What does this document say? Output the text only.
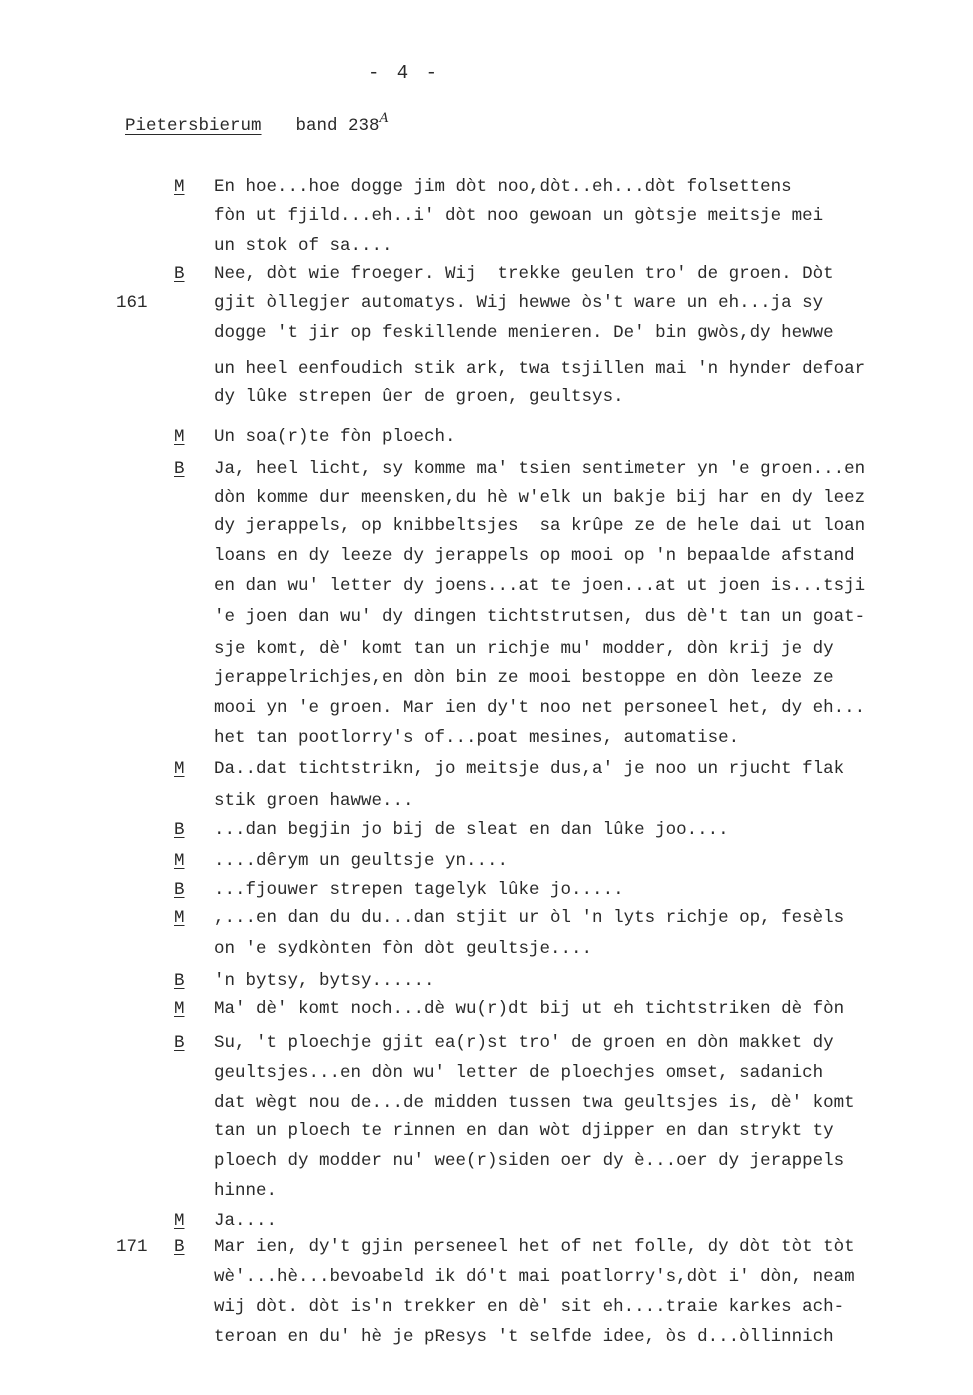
- 4 -
Pietersbierum band $238^A$
M	En hoe...hoe dogge jim dòt noo,dòt..eh...dòt folsettens
fòn ut fjild...eh..i' dòt noo gewoan un gòtsje meitsje mei
un stok of sa....
B	Nee, dòt wie froeger. Wij  trekke geulen tro' de groen. Dòt
161	gjit òllegjer automatys. Wij hewwe òs't ware un eh...ja sy
dogge 't jir op feskillende menieren. De' bin gwòs,dy hewwe
un heel eenfoudich stik ark, twa tsjillen mai 'n hynder defoar
dy lûke strepen ûer de groen, geultsys.
M	Un soa(r)te fòn ploech.
B	Ja, heel licht, sy komme ma' tsien sentimeter yn 'e groen...en
dòn komme dur meensken,du hè w'elk un bakje bij har en dy leez
dy jerappels, op knibbeltsjes  sa krûpe ze de hele dai ut loan
loans en dy leeze dy jerappels op mooi op 'n bepaalde afstand
en dan wu' letter dy joens...at te joen...at ut joen is...tsji
'e joen dan wu' dy dingen tichtstrutsen, dus dè't tan un goat-
sje komt, dè' komt tan un richje mu' modder, dòn krij je dy
jerappelrichjes,en dòn bin ze mooi bestoppe en dòn leeze ze
mooi yn 'e groen. Mar ien dy't noo net personeel het, dy eh...
het tan pootlorry's of...poat mesines, automatise.
M	Da..dat tichtstrikn, jo meitsje dus,a' je noo un rjucht flak
stik groen hawwe...
B	...dan begjin jo bij de sleat en dan lûke joo....
M	....dêrym un geultsje yn....
B	...fjouwer strepen tagelyk lûke jo.....
M	,...en dan du du...dan stjit ur òl 'n lyts richje op, fesèls
on 'e sydkònten fòn dòt geultsje....
B	'n bytsy, bytsy......
M	Ma' dè' komt noch...dè wu(r)dt bij ut eh tichtstriken dè fòn
B	Su, 't ploechje gjit ea(r)st tro' de groen en dòn makket dy
geultsjes...en dòn wu' letter de ploechjes omset, sadanich
dat wègt nou de...de midden tussen twa geultsjes is, dè' komt
tan un ploech te rinnen en dan wòt djipper en dan strykt ty
ploech dy modder nu' wee(r)siden oer dy è...oer dy jerappels
hinne.
M	Ja....
171	B	Mar ien, dy't gjin perseneel het of net folle, dy dòt tòt tòt
wè'...hè...bevoabeld ik dó't mai poatlorry's,dòt i' dòn, neam
wij dòt. dòt is'n trekker en dè' sit eh....traie karkes ach-
teroan en du' hè je pResys 't selfde idee, òs d...òllinnich
